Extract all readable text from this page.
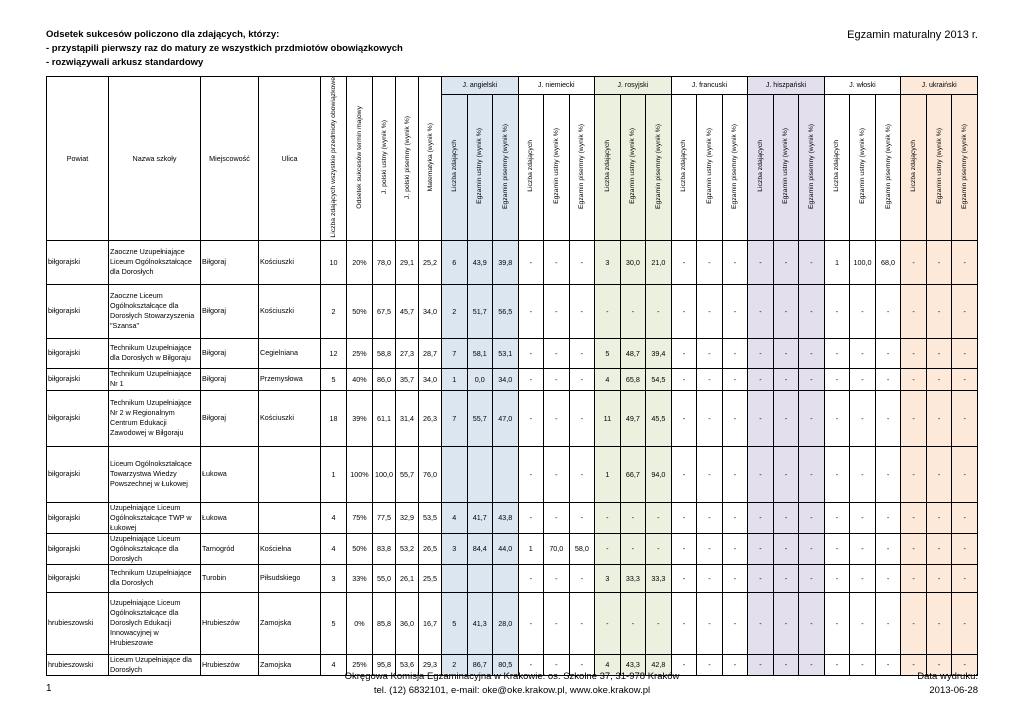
Odsetek sukcesów policzono dla zdających, którzy:
- przystąpili pierwszy raz do matury ze wszystkich przdmiotów obowiązkowych
- rozwiązywali arkusz standardowy
Egzamin maturalny 2013 r.
Powiat	Nazwa szkoły	Miejscowość	Ulica	Liczba zdających wszystkie przedmioty obowiązkowe	Odsetek sukcesów termin majowy	J. polski ustny (wynik %)	J. polski pisemny (wynik %)	Matematyka (wynik %)	J. angielski			J. niemiecki			J. rosyjski			J. francuski			J. hiszpański			J. włoski			J. ukraiński		
									Liczba zdających	Egzamin ustny (wynik %)	Egzamin pisemny (wynik %)	Liczba zdających	Egzamin ustny (wynik %)	Egzamin pisemny (wynik %)	Liczba zdających	Egzamin ustny (wynik %)	Egzamin pisemny (wynik %)	Liczba zdających	Egzamin ustny (wynik %)	Egzamin pisemny (wynik %)	Liczba zdających	Egzamin ustny (wynik %)	Egzamin pisemny (wynik %)	Liczba zdających	Egzamin ustny (wynik %)	Egzamin pisemny (wynik %)	Liczba zdających	Egzamin ustny (wynik %)	Egzamin pisemny (wynik %)
biłgorajski	Zaoczne Uzupełniające Liceum Ogólnokształcące dla Dorosłych	Biłgoraj	Kościuszki	10	20%	78,0	29,1	25,2	6	43,9	39,8	-	-	-	3	30,0	21,0	-	-	-	-	-	-	1	100,0	68,0	-	-	-
biłgorajski	Zaoczne Liceum Ogólnokształcące dla Dorosłych Stowarzyszenia "Szansa"	Biłgoraj	Kościuszki	2	50%	67,5	45,7	34,0	2	51,7	56,5	-	-	-	-	-	-	-	-	-	-	-	-	-	-	-	-	-	-
biłgorajski	Technikum Uzupełniające dla Dorosłych w Biłgoraju	Biłgoraj	Cegielniana	12	25%	58,8	27,3	28,7	7	58,1	53,1	-	-	-	5	48,7	39,4	-	-	-	-	-	-	-	-	-	-	-	-
biłgorajski	Technikum Uzupełniające Nr 1	Biłgoraj	Przemysłowa	5	40%	86,0	35,7	34,0	1	0,0	34,0	-	-	-	4	65,8	54,5	-	-	-	-	-	-	-	-	-	-	-	-
biłgorajski	Technikum Uzupełniające Nr 2 w Regionalnym Centrum Edukacji Zawodowej w Biłgoraju	Biłgoraj	Kościuszki	18	39%	61,1	31,4	26,3	7	55,7	47,0	-	-	-	11	49,7	45,5	-	-	-	-	-	-	-	-	-	-	-	-
biłgorajski	Liceum Ogólnokształcące Towarzystwa Wiedzy Powszechnej w Łukowej	Łukowa		1	100%	100,0	55,7	76,0				-	-	-	1	66,7	94,0	-	-	-	-	-	-	-	-	-	-	-	-
biłgorajski	Uzupełniające Liceum Ogólnokształcące TWP w Łukowej	Łukowa		4	75%	77,5	32,9	53,5	4	41,7	43,8	-	-	-	-	-	-	-	-	-	-	-	-	-	-	-	-	-	-
biłgorajski	Uzupełniające Liceum Ogólnokształcące dla Dorosłych	Tarnogród	Kościelna	4	50%	83,8	53,2	26,5	3	84,4	44,0	1	70,0	58,0	-	-	-	-	-	-	-	-	-	-	-	-	-	-	-
biłgorajski	Technikum Uzupełniające dla Dorosłych	Turobin	Piłsudskiego	3	33%	55,0	26,1	25,5				-	-	-	3	33,3	33,3	-	-	-	-	-	-	-	-	-	-	-	-
hrubieszowski	Uzupełniające Liceum Ogólnokształcące dla Dorosłych Edukacji Innowacyjnej w Hrubieszowie	Hrubieszów	Zamojska	5	0%	85,8	36,0	16,7	5	41,3	28,0	-	-	-	-	-	-	-	-	-	-	-	-	-	-	-	-	-	-
hrubieszowski	Liceum Uzupełniające dla Dorosłych	Hrubieszów	Zamojska	4	25%	95,8	53,6	29,3	2	86,7	80,5	-	-	-	4	43,3	42,8	-	-	-	-	-	-	-	-	-	-	-	-
1
Okręgowa Komisja Egzaminacyjna w Krakowie: os. Szkolne 37, 31-978 Kraków
tel. (12) 6832101, e-mail: oke@oke.krakow.pl, www.oke.krakow.pl
Data wydruku:
2013-06-28
